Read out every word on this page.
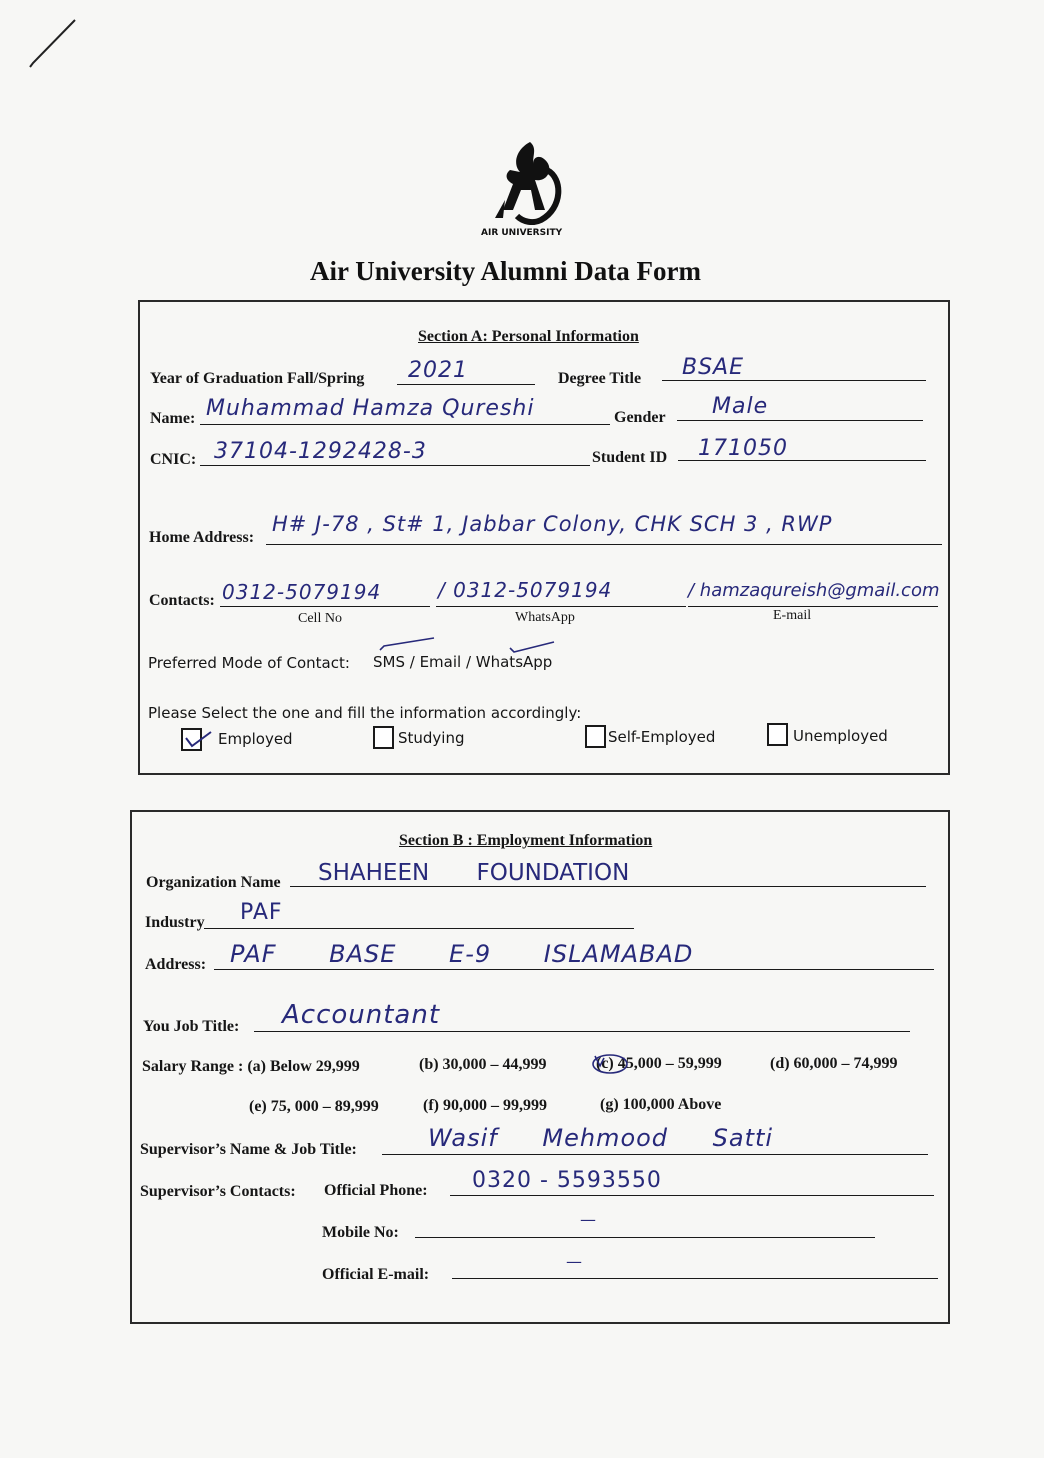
AIR UNIVERSITY
Air University Alumni Data Form
Section A: Personal Information
Year of Graduation Fall/Spring 2021	Degree Title BSAE
Name: Muhammad Hamza Qureshi	Gender Male
CNIC: 37104-1292428-3	Student ID 171050
Home Address:
H# J-78 , St# 1, Jabbar Colony, CHK SCH 3 , RWP
Contacts: 0312-5079194	/ 0312-5079194	/ hamzaqureish@gmail.com
Cell No	WhatsApp	E-mail
Preferred Mode of Contact: SMS / Email / WhatsApp
Please Select the one and fill the information accordingly:
Employed	Studying	Self-Employed	Unemployed
Section B : Employment Information
Organization Name SHAHEEN FOUNDATION
Industry PAF
Address: PAF BASE E-9 ISLAMABAD
You Job Title: Accountant
Salary Range : (a) Below 29,999	(b) 30,000 – 44,999	(c) 45,000 – 59,999	(d) 60,000 – 74,999
(e) 75, 000 – 89,999	(f) 90,000 – 99,999	(g) 100,000 Above
Supervisor’s Name & Job Title:	Wasif Mehmood Satti
Supervisor’s Contacts: Official Phone: 0320 - 5593550
Mobile No:
—
Official E-mail:
—
